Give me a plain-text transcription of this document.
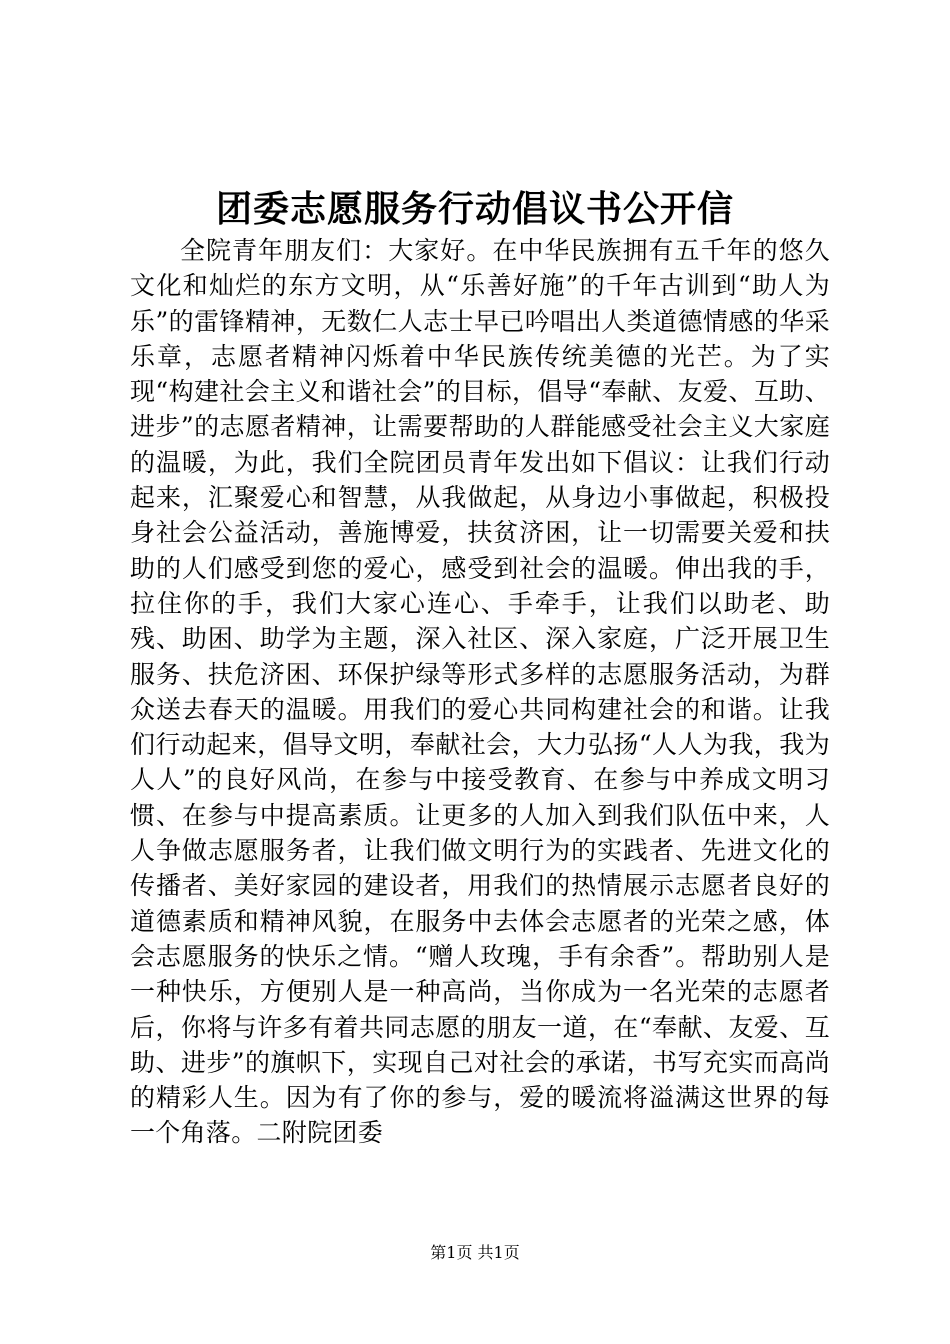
团委志愿服务行动倡议书公开信

全院青年朋友们：大家好。在中华民族拥有五千年的悠久文化和灿烂的东方文明，从“乐善好施”的千年古训到“助人为乐”的雷锋精神，无数仁人志士早已吟唱出人类道德情感的华采乐章，志愿者精神闪烁着中华民族传统美德的光芒。为了实现“构建社会主义和谐社会”的目标，倡导“奉献、友爱、互助、进步”的志愿者精神，让需要帮助的人群能感受社会主义大家庭的温暖，为此，我们全院团员青年发出如下倡议：让我们行动起来，汇聚爱心和智慧，从我做起，从身边小事做起，积极投身社会公益活动，善施博爱，扶贫济困，让一切需要关爱和扶助的人们感受到您的爱心，感受到社会的温暖。伸出我的手，拉住你的手，我们大家心连心、手牵手，让我们以助老、助残、助困、助学为主题，深入社区、深入家庭，广泛开展卫生服务、扶危济困、环保护绿等形式多样的志愿服务活动，为群众送去春天的温暖。用我们的爱心共同构建社会的和谐。让我们行动起来，倡导文明，奉献社会，大力弘扬“人人为我，我为人人”的良好风尚，在参与中接受教育、在参与中养成文明习惯、在参与中提高素质。让更多的人加入到我们队伍中来，人人争做志愿服务者，让我们做文明行为的实践者、先进文化的传播者、美好家园的建设者，用我们的热情展示志愿者良好的道德素质和精神风貌，在服务中去体会志愿者的光荣之感，体会志愿服务的快乐之情。“赠人玫瑰，手有余香”。帮助别人是一种快乐，方便别人是一种高尚，当你成为一名光荣的志愿者后，你将与许多有着共同志愿的朋友一道，在“奉献、友爱、互助、进步”的旗帜下，实现自己对社会的承诺，书写充实而高尚的精彩人生。因为有了你的参与，爱的暖流将溢满这世界的每一个角落。二附院团委

第1页 共1页
